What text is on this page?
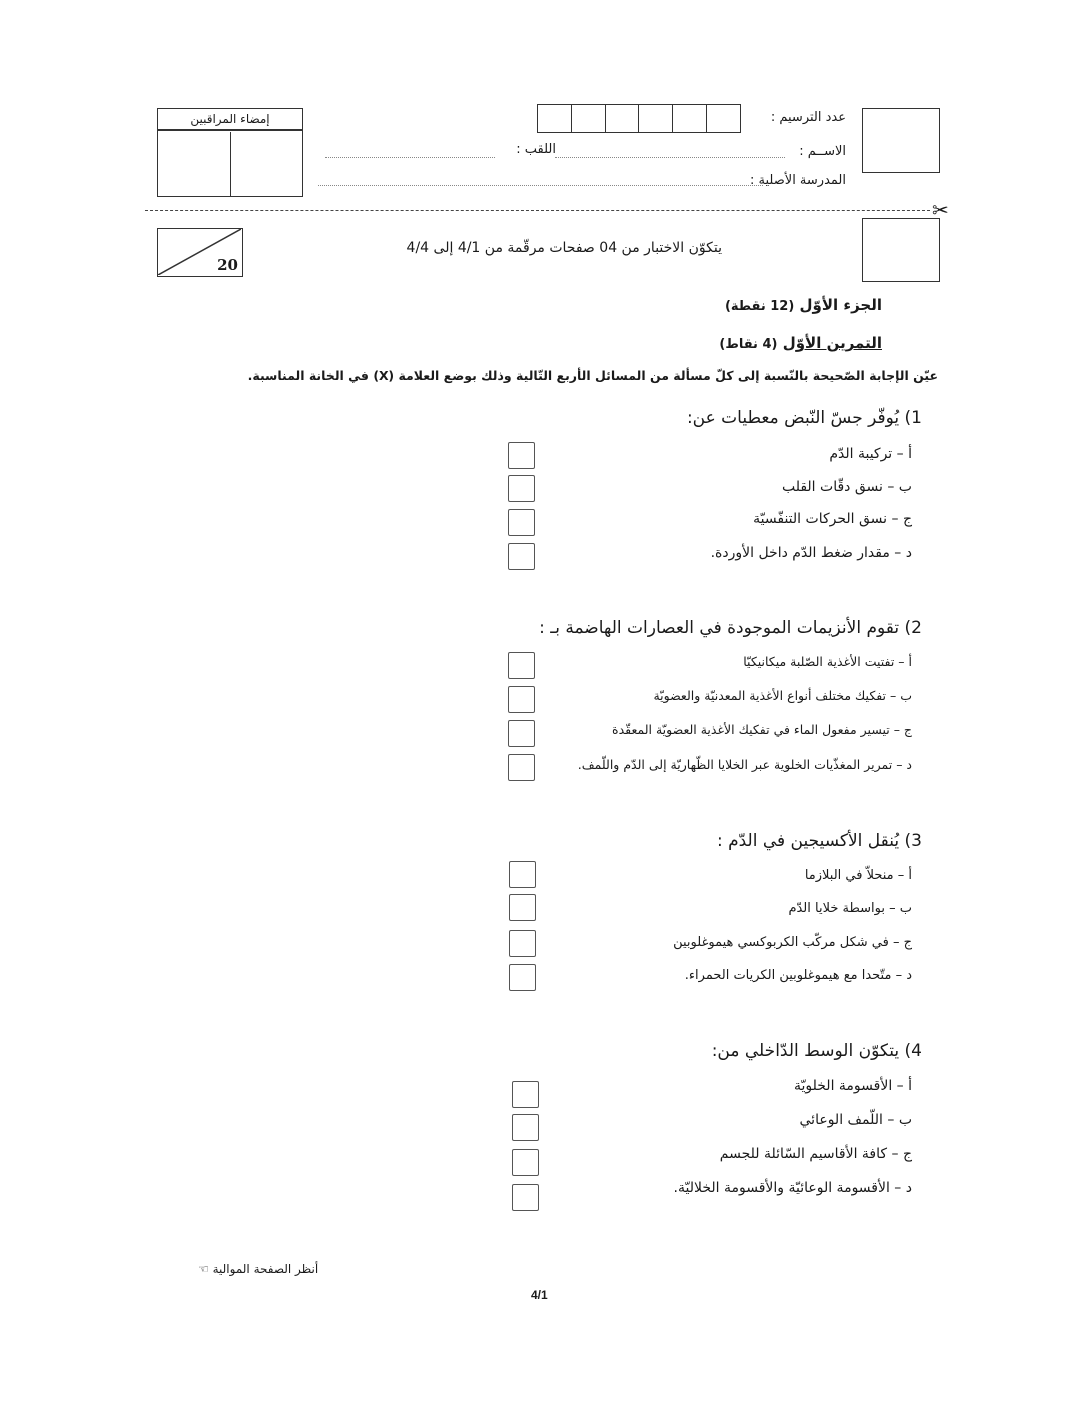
عدد الترسيم :
الاســم :
اللقب :
المدرسة الأصلية :
إمضاء المراقبين
✂
20
يتكوّن الاختبار من 04 صفحات مرقّمة من 4/1 إلى 4/4
الجزء الأوّل (12 نقطة)
التمرين الأوّل (4 نقاط)
عيّن الإجابة الصّحيحة بالنّسبة إلى كلّ مسألة من المسائل الأربع التّالية وذلك بوضع العلامة (X) في الخانة المناسبة.
1) يُوفّر جسّ النّبض معطيات عن:
أ – تركيبة الدّم
ب – نسق دقّات القلب
ج – نسق الحركات التنفّسيّة
د – مقدار ضغط الدّم داخل الأوردة.
2) تقوم الأنزيمات الموجودة في العصارات الهاضمة بـ :
أ – تفتيت الأغذية الصّلبة ميكانيكيّا
ب – تفكيك مختلف أنواع الأغذية المعدنيّة والعضويّة
ج – تيسير مفعول الماء في تفكيك الأغذية العضويّة المعقّدة
د – تمرير المغذّيات الخلوية عبر الخلايا الظّهاريّة إلى الدّم واللّمف.
3) يُنقل الأكسيجين في الدّم :
أ – منحلاّ في البلازما
ب – بواسطة خلايا الدّم
ج – في شكل مركّب الكربوكسي هيموغلوبين
د – متّحدا مع هيموغلوبين الكريات الحمراء.
4) يتكوّن الوسط الدّاخلي من:
أ – الأقسومة الخلويّة
ب – اللّمف الوعائي
ج – كافة الأقاسيم السّائلة للجسم
د – الأقسومة الوعائيّة والأقسومة الخلاليّة.
أنظر الصفحة الموالية ☜
4/1
